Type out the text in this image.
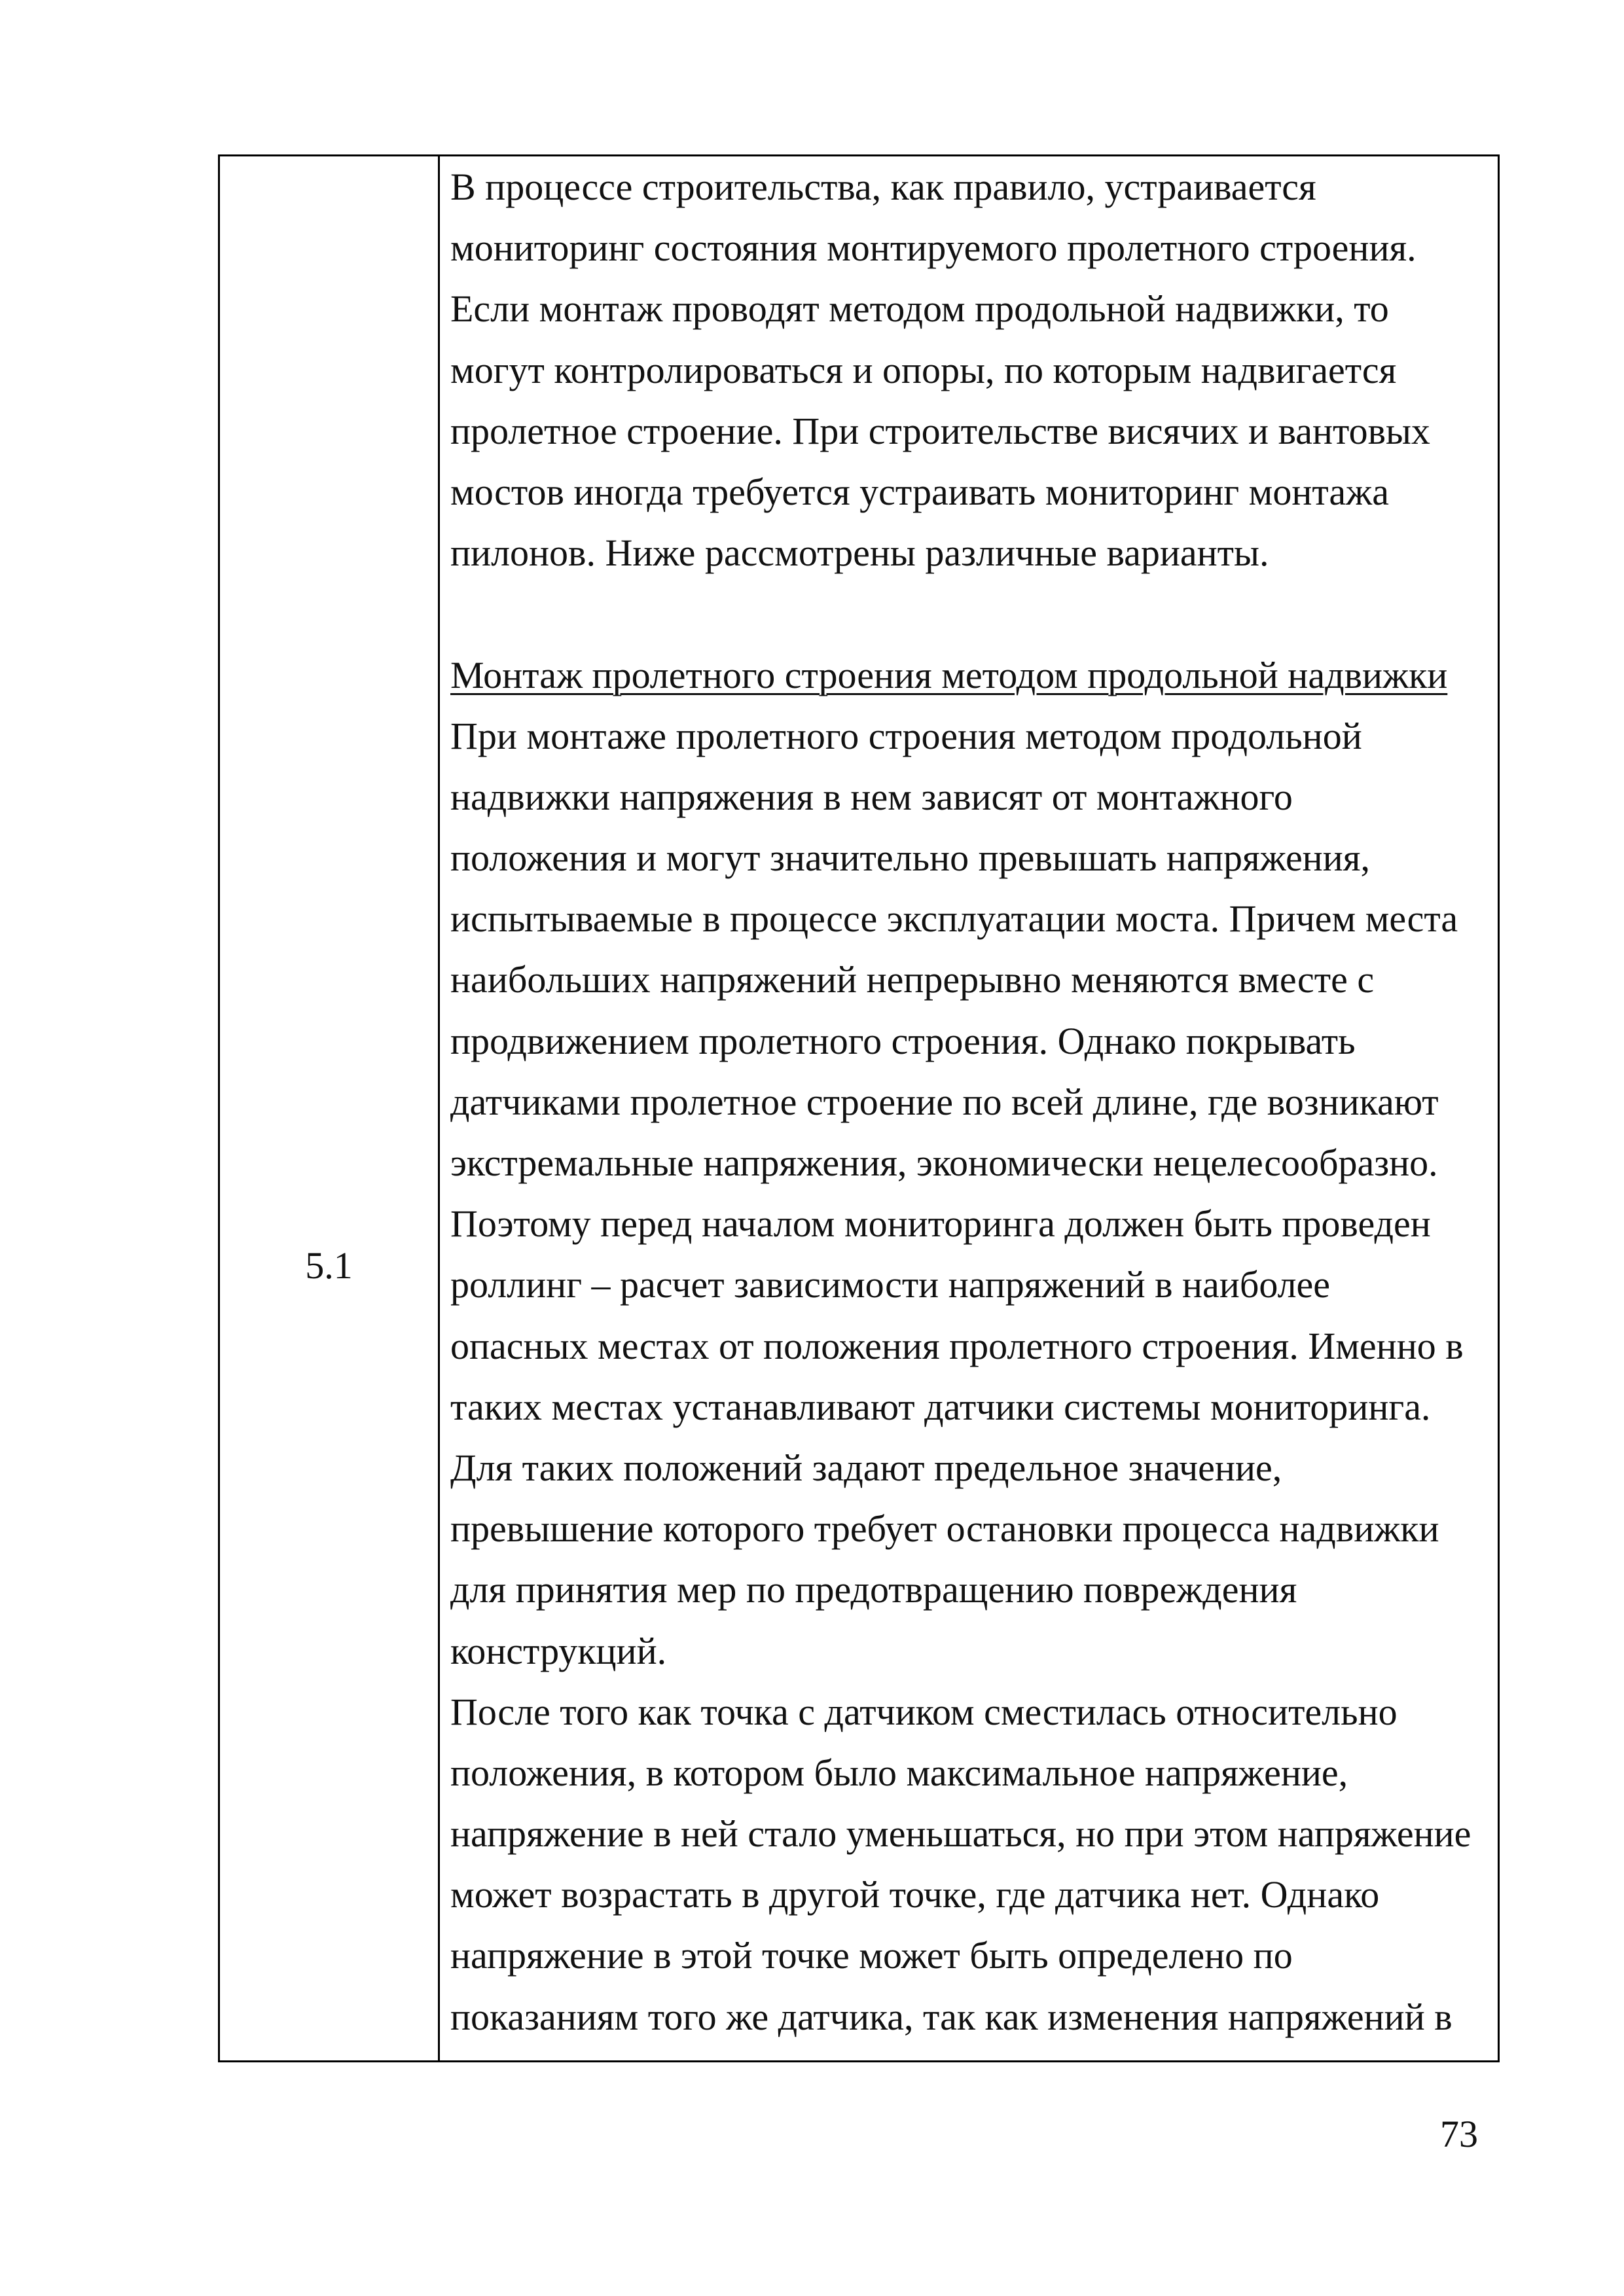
5.1
В процессе строительства, как правило, устраивается
мониторинг состояния монтируемого пролетного строения.
Если монтаж проводят методом продольной надвижки, то
могут контролироваться и опоры, по которым надвигается
пролетное строение. При строительстве висячих и вантовых
мостов иногда требуется устраивать мониторинг монтажа
пилонов. Ниже рассмотрены различные варианты.
Монтаж пролетного строения методом продольной надвижки
При монтаже пролетного строения методом продольной
надвижки напряжения в нем зависят от монтажного
положения и могут значительно превышать напряжения,
испытываемые в процессе эксплуатации моста. Причем места
наибольших напряжений непрерывно меняются вместе с
продвижением пролетного строения. Однако покрывать
датчиками пролетное строение по всей длине, где возникают
экстремальные напряжения, экономически нецелесообразно.
Поэтому перед началом мониторинга должен быть проведен
роллинг – расчет зависимости напряжений в наиболее
опасных местах от положения пролетного строения. Именно в
таких местах устанавливают датчики системы мониторинга.
Для таких положений задают предельное значение,
превышение которого требует остановки процесса надвижки
для принятия мер по предотвращению повреждения
конструкций.
После того как точка с датчиком сместилась относительно
положения, в котором было максимальное напряжение,
напряжение в ней стало уменьшаться, но при этом напряжение
может возрастать в другой точке, где датчика нет. Однако
напряжение в этой точке может быть определено по
показаниям того же датчика, так как изменения напряжений в
73
